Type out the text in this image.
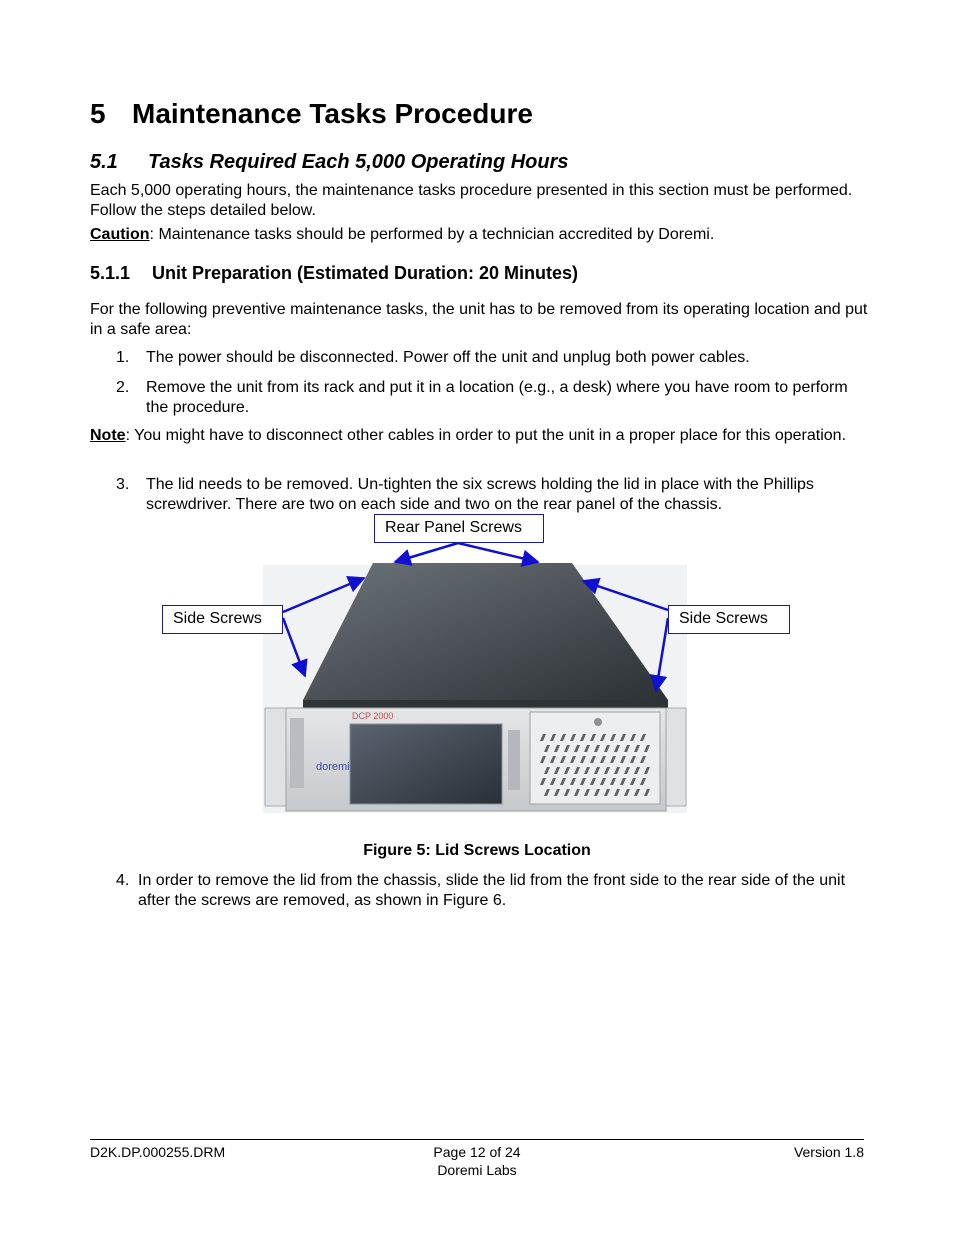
5 Maintenance Tasks Procedure
5.1 Tasks Required Each 5,000 Operating Hours
Each 5,000 operating hours, the maintenance tasks procedure presented in this section must be performed. Follow the steps detailed below.
Caution: Maintenance tasks should be performed by a technician accredited by Doremi.
5.1.1 Unit Preparation (Estimated Duration: 20 Minutes)
For the following preventive maintenance tasks, the unit has to be removed from its operating location and put in a safe area:
1. The power should be disconnected. Power off the unit and unplug both power cables.
2. Remove the unit from its rack and put it in a location (e.g., a desk) where you have room to perform the procedure.
Note: You might have to disconnect other cables in order to put the unit in a proper place for this operation.
3. The lid needs to be removed. Un-tighten the six screws holding the lid in place with the Phillips screwdriver. There are two on each side and two on the rear panel of the chassis.
DCP 2000
doremi
Rear Panel Screws
Side Screws	Side Screws
Figure 5: Lid Screws Location
4. In order to remove the lid from the chassis, slide the lid from the front side to the rear side of the unit after the screws are removed, as shown in Figure 6.
D2K.DP.000255.DRM	Page 12 of 24
Doremi Labs
Version 1.8
